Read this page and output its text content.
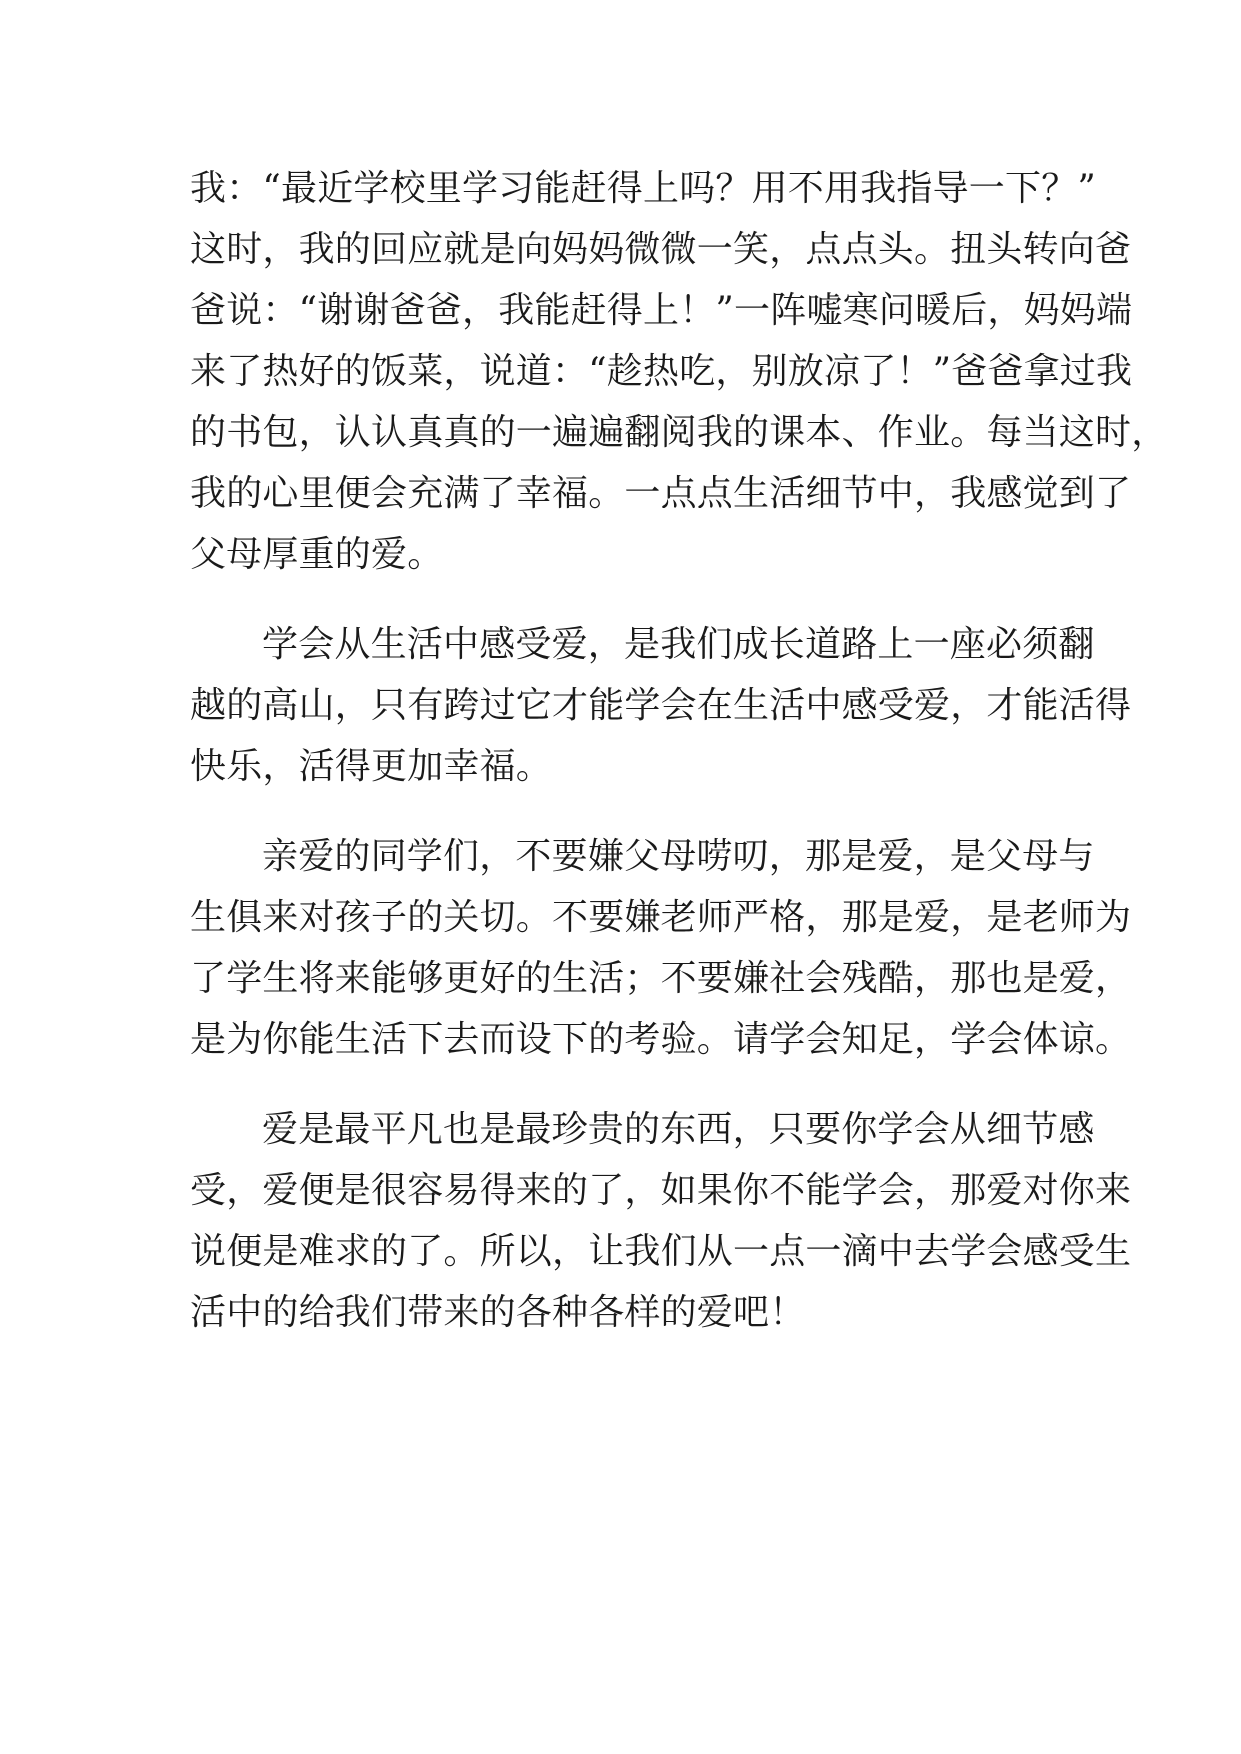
我：“最近学校里学习能赶得上吗？用不用我指导一下？”
这时，我的回应就是向妈妈微微一笑，点点头。扭头转向爸
爸说：“谢谢爸爸，我能赶得上！”一阵嘘寒问暖后，妈妈端
来了热好的饭菜，说道：“趁热吃，别放凉了！”爸爸拿过我
的书包，认认真真的一遍遍翻阅我的课本、作业。每当这时，
我的心里便会充满了幸福。一点点生活细节中，我感觉到了
父母厚重的爱。
学会从生活中感受爱，是我们成长道路上一座必须翻
越的高山，只有跨过它才能学会在生活中感受爱，才能活得
快乐，活得更加幸福。
亲爱的同学们，不要嫌父母唠叨，那是爱，是父母与
生俱来对孩子的关切。不要嫌老师严格，那是爱，是老师为
了学生将来能够更好的生活；不要嫌社会残酷，那也是爱，
是为你能生活下去而设下的考验。请学会知足，学会体谅。
爱是最平凡也是最珍贵的东西，只要你学会从细节感
受，爱便是很容易得来的了，如果你不能学会，那爱对你来
说便是难求的了。所以，让我们从一点一滴中去学会感受生
活中的给我们带来的各种各样的爱吧！
